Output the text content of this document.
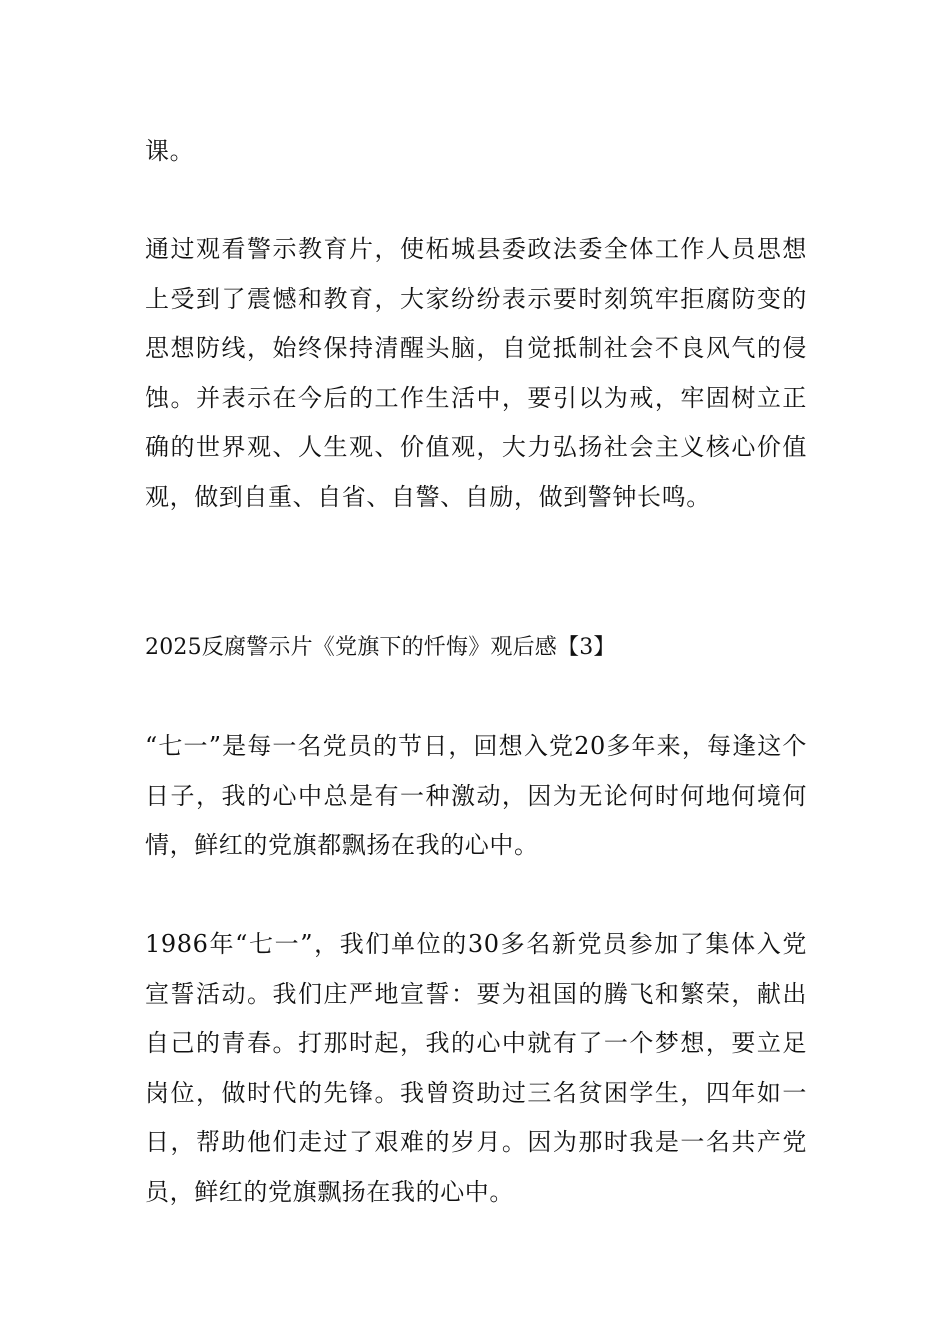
课。

通过观看警示教育片，使柘城县委政法委全体工作人员思想上受到了震憾和教育，大家纷纷表示要时刻筑牢拒腐防变的思想防线，始终保持清醒头脑，自觉抵制社会不良风气的侵蚀。并表示在今后的工作生活中，要引以为戒，牢固树立正确的世界观、人生观、价值观，大力弘扬社会主义核心价值观，做到自重、自省、自警、自励，做到警钟长鸣。

2025反腐警示片《党旗下的忏悔》观后感【3】

“七一”是每一名党员的节日，回想入党20多年来，每逢这个日子，我的心中总是有一种激动，因为无论何时何地何境何情，鲜红的党旗都飘扬在我的心中。

1986年“七一”，我们单位的30多名新党员参加了集体入党宣誓活动。我们庄严地宣誓：要为祖国的腾飞和繁荣，献出自己的青春。打那时起，我的心中就有了一个梦想，要立足岗位，做时代的先锋。我曾资助过三名贫困学生，四年如一日，帮助他们走过了艰难的岁月。因为那时我是一名共产党员，鲜红的党旗飘扬在我的心中。
